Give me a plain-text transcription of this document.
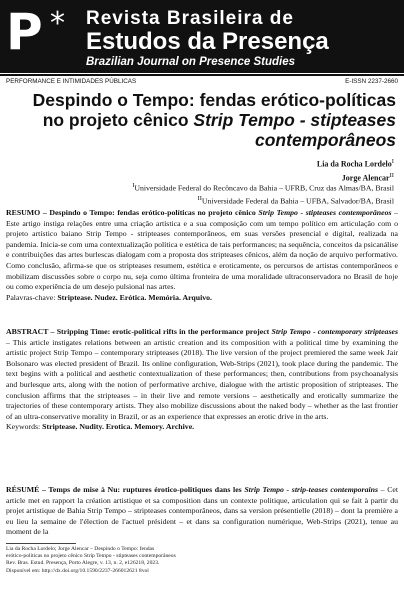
P * Revista Brasileira de
Estudos da Presença
Brazilian Journal on Presence Studies
PERFORMANCE E INTIMIDADES PÚBLICAS	E-ISSN 2237-2660
Despindo o Tempo: fendas erótico-políticas no projeto cênico Strip Tempo - stipteases contemporâneos
Lia da Rocha Lordelo$^I$
Jorge Alencar$^{II}$
$^I$Universidade Federal do Recôncavo da Bahia – UFRB, Cruz das Almas/BA, Brasil
$^{II}$Universidade Federal da Bahia – UFBA, Salvador/BA, Brasil
RESUMO – Despindo o Tempo: fendas erótico-políticas no projeto cênico Strip Tempo - stipteases contemporâneos – Este artigo instiga relações entre uma criação artística e a sua composição com um tempo político em articulação com o projeto artístico baiano Strip Tempo - stripteases contemporâneos, em suas versões presencial e digital, realizada na pandemia. Inicia-se com uma contextualização política e estética de tais performances; na sequência, conceitos da psicanálise e contribuições das artes burlescas dialogam com a proposta dos stripteases cênicos, além da noção de arquivo performativo. Como conclusão, afirma-se que os stripteases resumem, estética e eroticamente, os percursos de artistas contemporâneos e mobilizam discussões sobre o corpo nu, seja como última fronteira de uma moralidade ultraconservadora no Brasil de hoje ou como experiência de um desejo pulsional nas artes.
Palavras-chave: Striptease. Nudez. Erótica. Memória. Arquivo.
ABSTRACT – Stripping Time: erotic-political rifts in the performance project Strip Tempo - contemporary stripteases – This article instigates relations between an artistic creation and its composition with a political time by examining the artistic project Strip Tempo – contemporary stripteases (2018). The live version of the project premiered the same week Jair Bolsonaro was elected president of Brazil. Its online configuration, Web-Strips (2021), took place during the pandemic. The text begins with a political and aesthetic contextualization of these performances; then, contributions from psychoanalysis and burlesque arts, along with the notion of performative archive, dialogue with the artistic proposition of stripteases. The conclusion affirms that the stripteases – in their live and remote versions – aesthetically and erotically summarize the trajectories of these contemporary artists. They also mobilize discussions about the naked body – whether as the last frontier of an ultra-conservative morality in Brazil, or as an experience that expresses an erotic drive in the arts.
Keywords: Striptease. Nudity. Erotica. Memory. Archive.
RÉSUMÉ – Temps de mise à Nu: ruptures érotico-politiques dans les Strip Tempo - strip-teases contemporains – Cet article met en rapport la création artistique et sa composition dans un contexte politique, articulation qui se fait à partir du projet artistique de Bahia Strip Tempo – stripteases contemporâneos, dans sa version présentielle (2018) – dont la première a eu lieu la semaine de l'élection de l'actuel président – et dans sa configuration numérique, Web-Strips (2021), tenue au moment de la
Lia da Rocha Lordelo; Jorge Alencar – Despindo o Tempo: fendas
erótico-políticas no projeto cênico Strip Tempo - stipteases contemporâneos
Rev. Bras. Estud. Presença, Porto Alegre, v. 13, n. 2, e126218, 2023.
Disponível em: http://dx.doi.org/10.1590/2237-266012621 8vol
